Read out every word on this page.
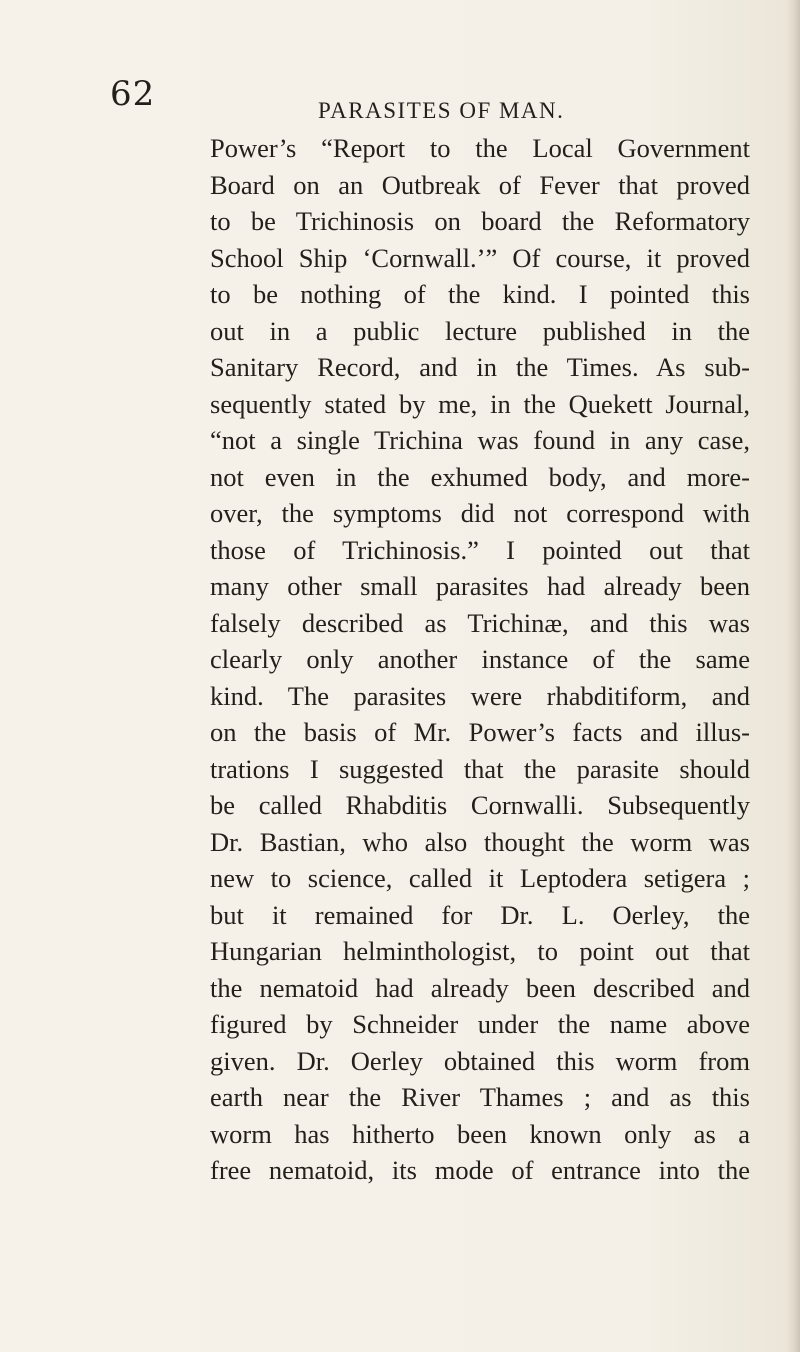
62	PARASITES OF MAN.
Power’s “Report to the Local Government
Board on an Outbreak of Fever that proved
to be Trichinosis on board the Reformatory
School Ship ‘Cornwall.’” Of course, it proved
to be nothing of the kind. I pointed this
out in a public lecture published in the
Sanitary Record, and in the Times. As sub-
sequently stated by me, in the Quekett Journal,
“not a single Trichina was found in any case,
not even in the exhumed body, and more-
over, the symptoms did not correspond with
those of Trichinosis.” I pointed out that
many other small parasites had already been
falsely described as Trichinæ, and this was
clearly only another instance of the same
kind. The parasites were rhabditiform, and
on the basis of Mr. Power’s facts and illus-
trations I suggested that the parasite should
be called Rhabditis Cornwalli. Subsequently
Dr. Bastian, who also thought the worm was
new to science, called it Leptodera setigera ;
but it remained for Dr. L. Oerley, the
Hungarian helminthologist, to point out that
the nematoid had already been described and
figured by Schneider under the name above
given. Dr. Oerley obtained this worm from
earth near the River Thames ; and as this
worm has hitherto been known only as a
free nematoid, its mode of entrance into the
